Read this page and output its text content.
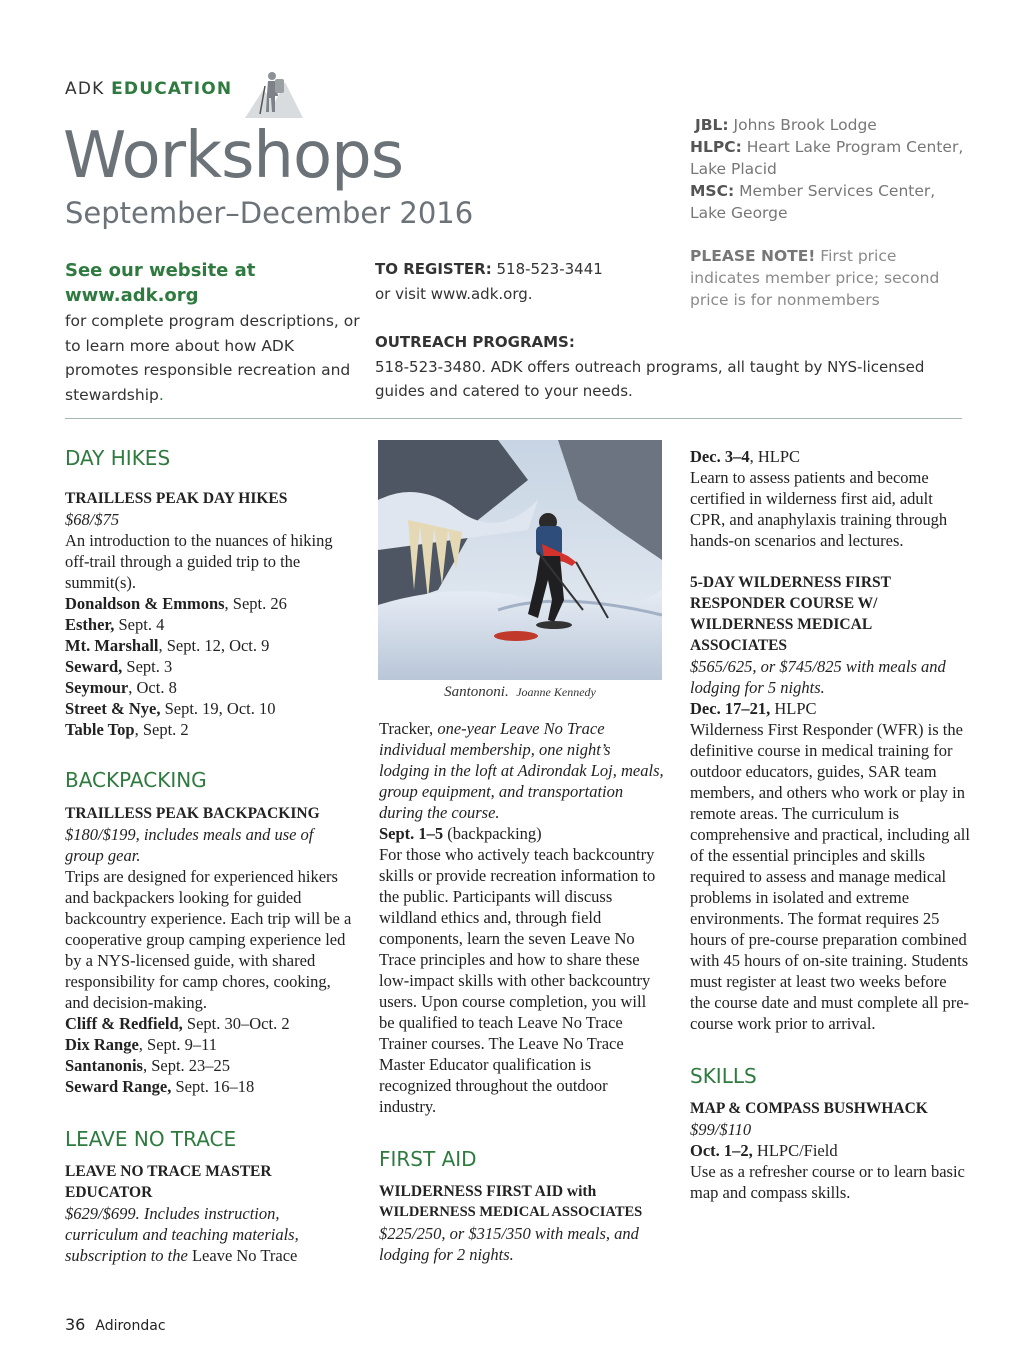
ADK EDUCATION
Workshops
September–December 2016
JBL: Johns Brook Lodge
HLPC: Heart Lake Program Center, Lake Placid
MSC: Member Services Center, Lake George
PLEASE NOTE! First price indicates member price; second price is for nonmembers
See our website at
www.adk.org
for complete program descriptions, or to learn more about how ADK promotes responsible recreation and stewardship.
TO REGISTER: 518-523-3441
or visit www.adk.org.
OUTREACH PROGRAMS:
518-523-3480. ADK offers outreach programs, all taught by NYS-licensed guides and catered to your needs.
DAY HIKES
TRAILLESS PEAK DAY HIKES
$68/$75
An introduction to the nuances of hiking off-trail through a guided trip to the summit(s).
Donaldson & Emmons, Sept. 26
Esther, Sept. 4
Mt. Marshall, Sept. 12, Oct. 9
Seward, Sept. 3
Seymour, Oct. 8
Street & Nye, Sept. 19, Oct. 10
Table Top, Sept. 2
BACKPACKING
TRAILLESS PEAK BACKPACKING
$180/$199, includes meals and use of group gear.
Trips are designed for experienced hikers and backpackers looking for guided backcountry experience. Each trip will be a cooperative group camping experience led by a NYS-licensed guide, with shared responsibility for camp chores, cooking, and decision-making.
Cliff & Redfield, Sept. 30–Oct. 2
Dix Range, Sept. 9–11
Santanonis, Sept. 23–25
Seward Range, Sept. 16–18
LEAVE NO TRACE
LEAVE NO TRACE MASTER EDUCATOR
$629/$699. Includes instruction, curriculum and teaching materials, subscription to the Leave No Trace
Santononi. Joanne Kennedy
Tracker, one-year Leave No Trace individual membership, one night’s lodging in the loft at Adirondak Loj, meals, group equipment, and transportation during the course.
Sept. 1–5 (backpacking)
For those who actively teach backcountry skills or provide recreation information to the public. Participants will discuss wildland ethics and, through field components, learn the seven Leave No Trace principles and how to share these low-impact skills with other backcountry users. Upon course completion, you will be qualified to teach Leave No Trace Trainer courses. The Leave No Trace Master Educator qualification is recognized throughout the outdoor industry.
FIRST AID
WILDERNESS FIRST AID with
WILDERNESS MEDICAL ASSOCIATES
$225/250, or $315/350 with meals, and lodging for 2 nights.
Dec. 3–4, HLPC
Learn to assess patients and become certified in wilderness first aid, adult CPR, and anaphylaxis training through hands-on scenarios and lectures.
5-DAY WILDERNESS FIRST RESPONDER COURSE W/ WILDERNESS MEDICAL ASSOCIATES
$565/625, or $745/825 with meals and lodging for 5 nights.
Dec. 17–21, HLPC
Wilderness First Responder (WFR) is the definitive course in medical training for outdoor educators, guides, SAR team members, and others who work or play in remote areas. The curriculum is comprehensive and practical, including all of the essential principles and skills required to assess and manage medical problems in isolated and extreme environments. The format requires 25 hours of pre-course preparation combined with 45 hours of on-site training. Students must register at least two weeks before the course date and must complete all pre-course work prior to arrival.
SKILLS
MAP & COMPASS BUSHWHACK
$99/$110
Oct. 1–2, HLPC/Field
Use as a refresher course or to learn basic map and compass skills.
36 Adirondac
